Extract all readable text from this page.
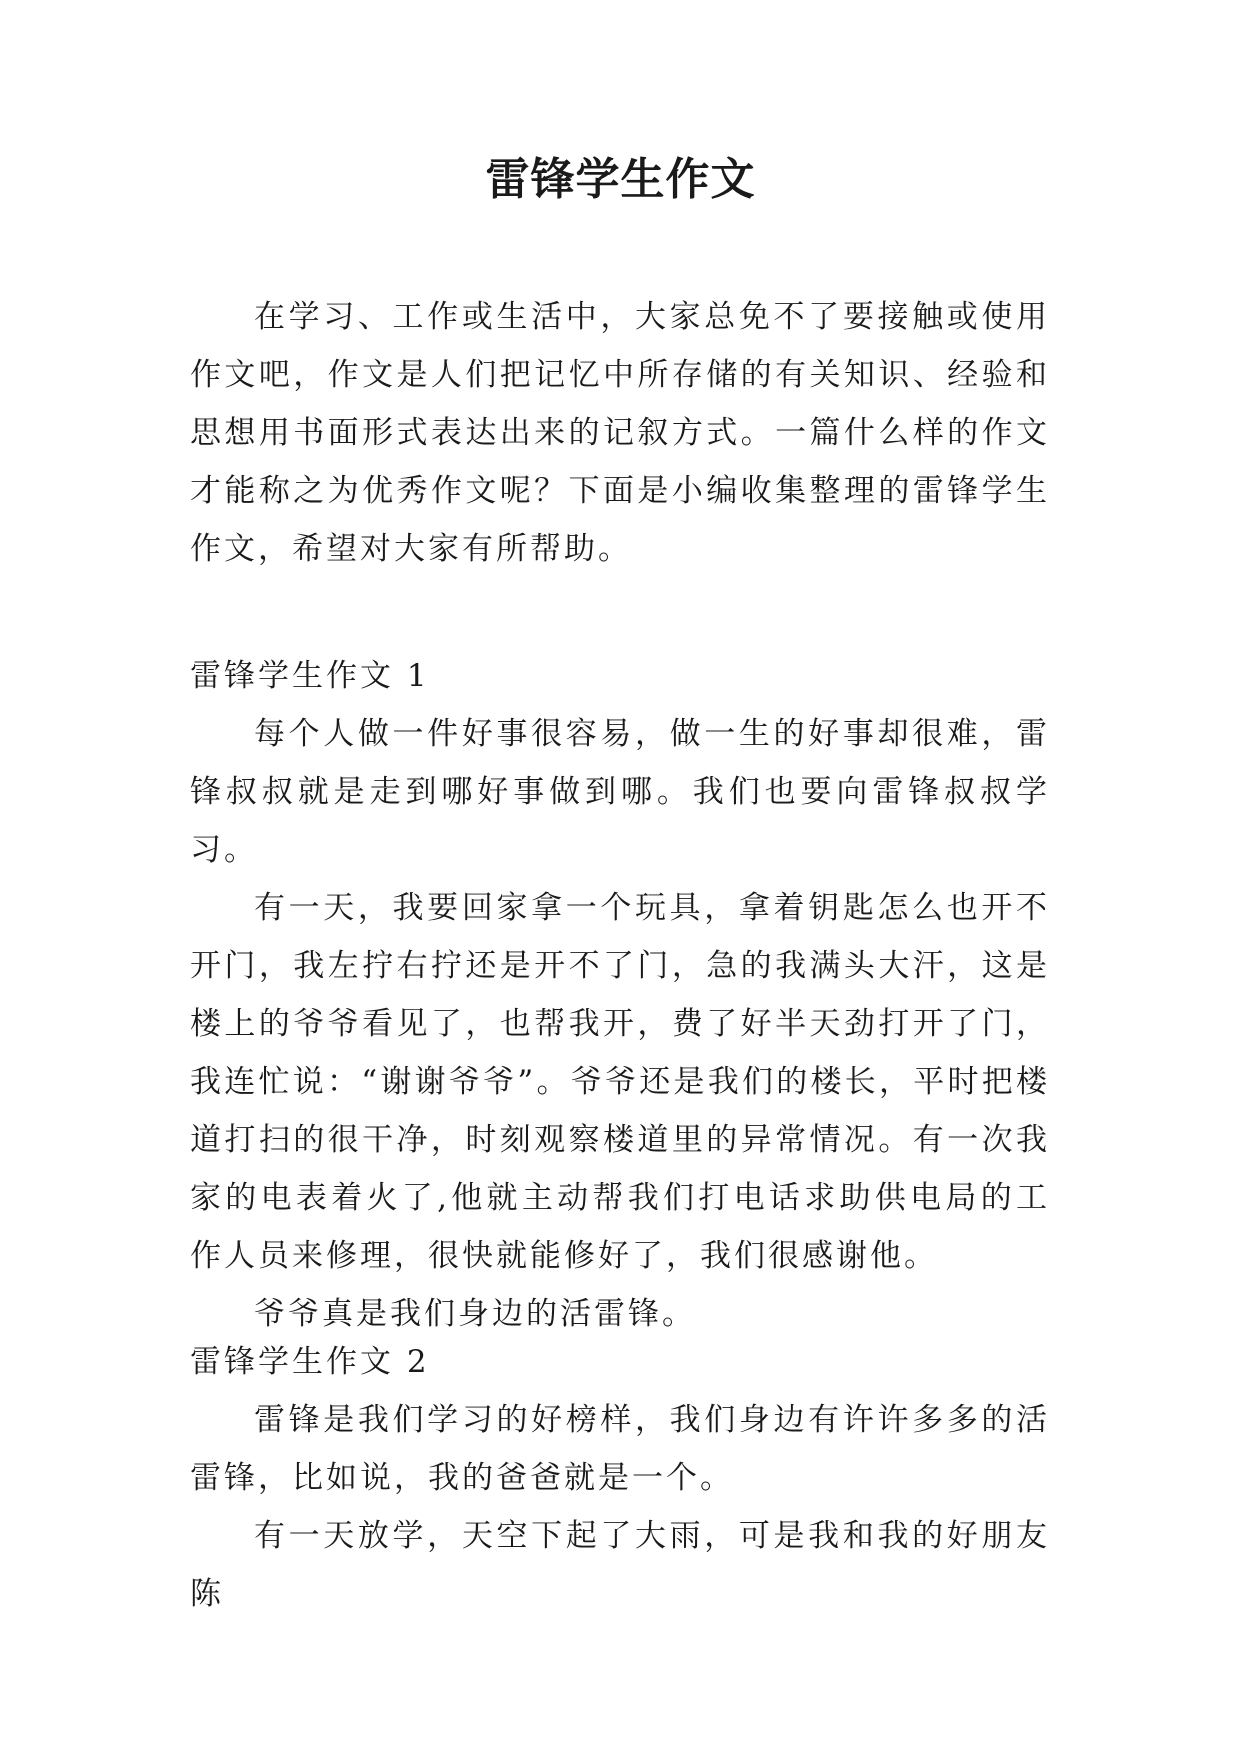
雷锋学生作文

在学习、工作或生活中，大家总免不了要接触或使用作文吧，作文是人们把记忆中所存储的有关知识、经验和思想用书面形式表达出来的记叙方式。一篇什么样的作文才能称之为优秀作文呢？下面是小编收集整理的雷锋学生作文，希望对大家有所帮助。

雷锋学生作文 1

每个人做一件好事很容易，做一生的好事却很难，雷锋叔叔就是走到哪好事做到哪。我们也要向雷锋叔叔学习。

有一天，我要回家拿一个玩具，拿着钥匙怎么也开不开门，我左拧右拧还是开不了门，急的我满头大汗，这是楼上的爷爷看见了，也帮我开，费了好半天劲打开了门，我连忙说：“谢谢爷爷”。爷爷还是我们的楼长，平时把楼道打扫的很干净，时刻观察楼道里的异常情况。有一次我家的电表着火了,他就主动帮我们打电话求助供电局的工作人员来修理，很快就能修好了，我们很感谢他。

爷爷真是我们身边的活雷锋。

雷锋学生作文 2

雷锋是我们学习的好榜样，我们身边有许许多多的活雷锋，比如说，我的爸爸就是一个。

有一天放学，天空下起了大雨，可是我和我的好朋友陈
